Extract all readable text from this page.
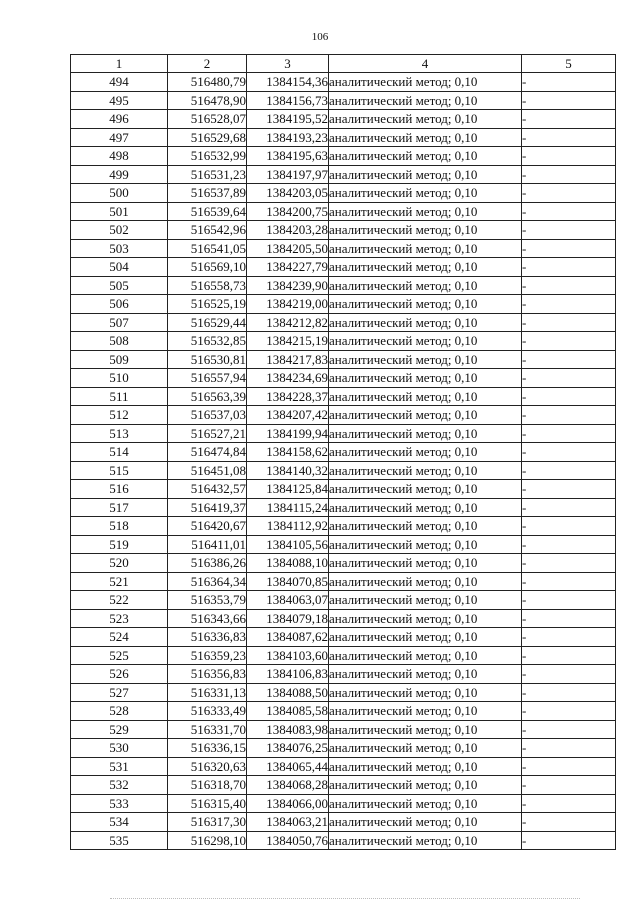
106
1	2	3	4	5
494	516480,79	1384154,36	аналитический метод; 0,10	-
495	516478,90	1384156,73	аналитический метод; 0,10	-
496	516528,07	1384195,52	аналитический метод; 0,10	-
497	516529,68	1384193,23	аналитический метод; 0,10	-
498	516532,99	1384195,63	аналитический метод; 0,10	-
499	516531,23	1384197,97	аналитический метод; 0,10	-
500	516537,89	1384203,05	аналитический метод; 0,10	-
501	516539,64	1384200,75	аналитический метод; 0,10	-
502	516542,96	1384203,28	аналитический метод; 0,10	-
503	516541,05	1384205,50	аналитический метод; 0,10	-
504	516569,10	1384227,79	аналитический метод; 0,10	-
505	516558,73	1384239,90	аналитический метод; 0,10	-
506	516525,19	1384219,00	аналитический метод; 0,10	-
507	516529,44	1384212,82	аналитический метод; 0,10	-
508	516532,85	1384215,19	аналитический метод; 0,10	-
509	516530,81	1384217,83	аналитический метод; 0,10	-
510	516557,94	1384234,69	аналитический метод; 0,10	-
511	516563,39	1384228,37	аналитический метод; 0,10	-
512	516537,03	1384207,42	аналитический метод; 0,10	-
513	516527,21	1384199,94	аналитический метод; 0,10	-
514	516474,84	1384158,62	аналитический метод; 0,10	-
515	516451,08	1384140,32	аналитический метод; 0,10	-
516	516432,57	1384125,84	аналитический метод; 0,10	-
517	516419,37	1384115,24	аналитический метод; 0,10	-
518	516420,67	1384112,92	аналитический метод; 0,10	-
519	516411,01	1384105,56	аналитический метод; 0,10	-
520	516386,26	1384088,10	аналитический метод; 0,10	-
521	516364,34	1384070,85	аналитический метод; 0,10	-
522	516353,79	1384063,07	аналитический метод; 0,10	-
523	516343,66	1384079,18	аналитический метод; 0,10	-
524	516336,83	1384087,62	аналитический метод; 0,10	-
525	516359,23	1384103,60	аналитический метод; 0,10	-
526	516356,83	1384106,83	аналитический метод; 0,10	-
527	516331,13	1384088,50	аналитический метод; 0,10	-
528	516333,49	1384085,58	аналитический метод; 0,10	-
529	516331,70	1384083,98	аналитический метод; 0,10	-
530	516336,15	1384076,25	аналитический метод; 0,10	-
531	516320,63	1384065,44	аналитический метод; 0,10	-
532	516318,70	1384068,28	аналитический метод; 0,10	-
533	516315,40	1384066,00	аналитический метод; 0,10	-
534	516317,30	1384063,21	аналитический метод; 0,10	-
535	516298,10	1384050,76	аналитический метод; 0,10	-
